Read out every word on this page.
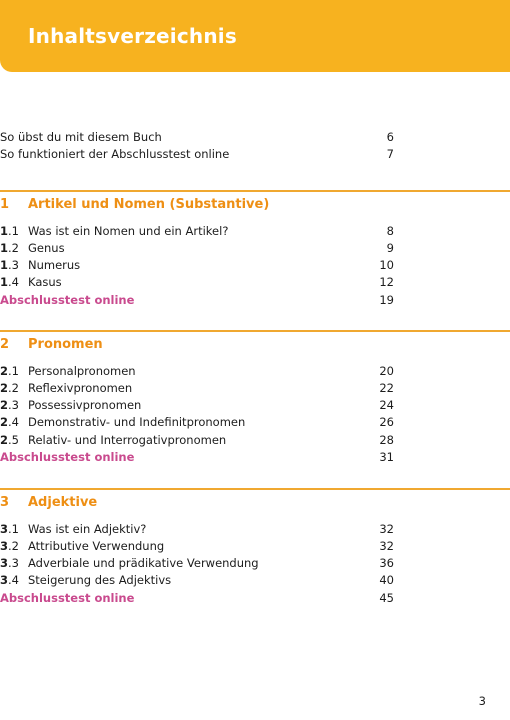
Inhaltsverzeichnis
So übst du mit diesem Buch	6
So funktioniert der Abschlusstest online	7
1	Artikel und Nomen (Substantive)
1.1 Was ist ein Nomen und ein Artikel?	8
1.2 Genus	9
1.3 Numerus	10
1.4 Kasus	12
Abschlusstest online	19
2	Pronomen
2.1 Personalpronomen	20
2.2 Reflexivpronomen	22
2.3 Possessivpronomen	24
2.4 Demonstrativ- und Indefinitpronomen	26
2.5 Relativ- und Interrogativpronomen	28
Abschlusstest online	31
3	Adjektive
3.1 Was ist ein Adjektiv?	32
3.2 Attributive Verwendung	32
3.3 Adverbiale und prädikative Verwendung	36
3.4 Steigerung des Adjektivs	40
Abschlusstest online	45
3
